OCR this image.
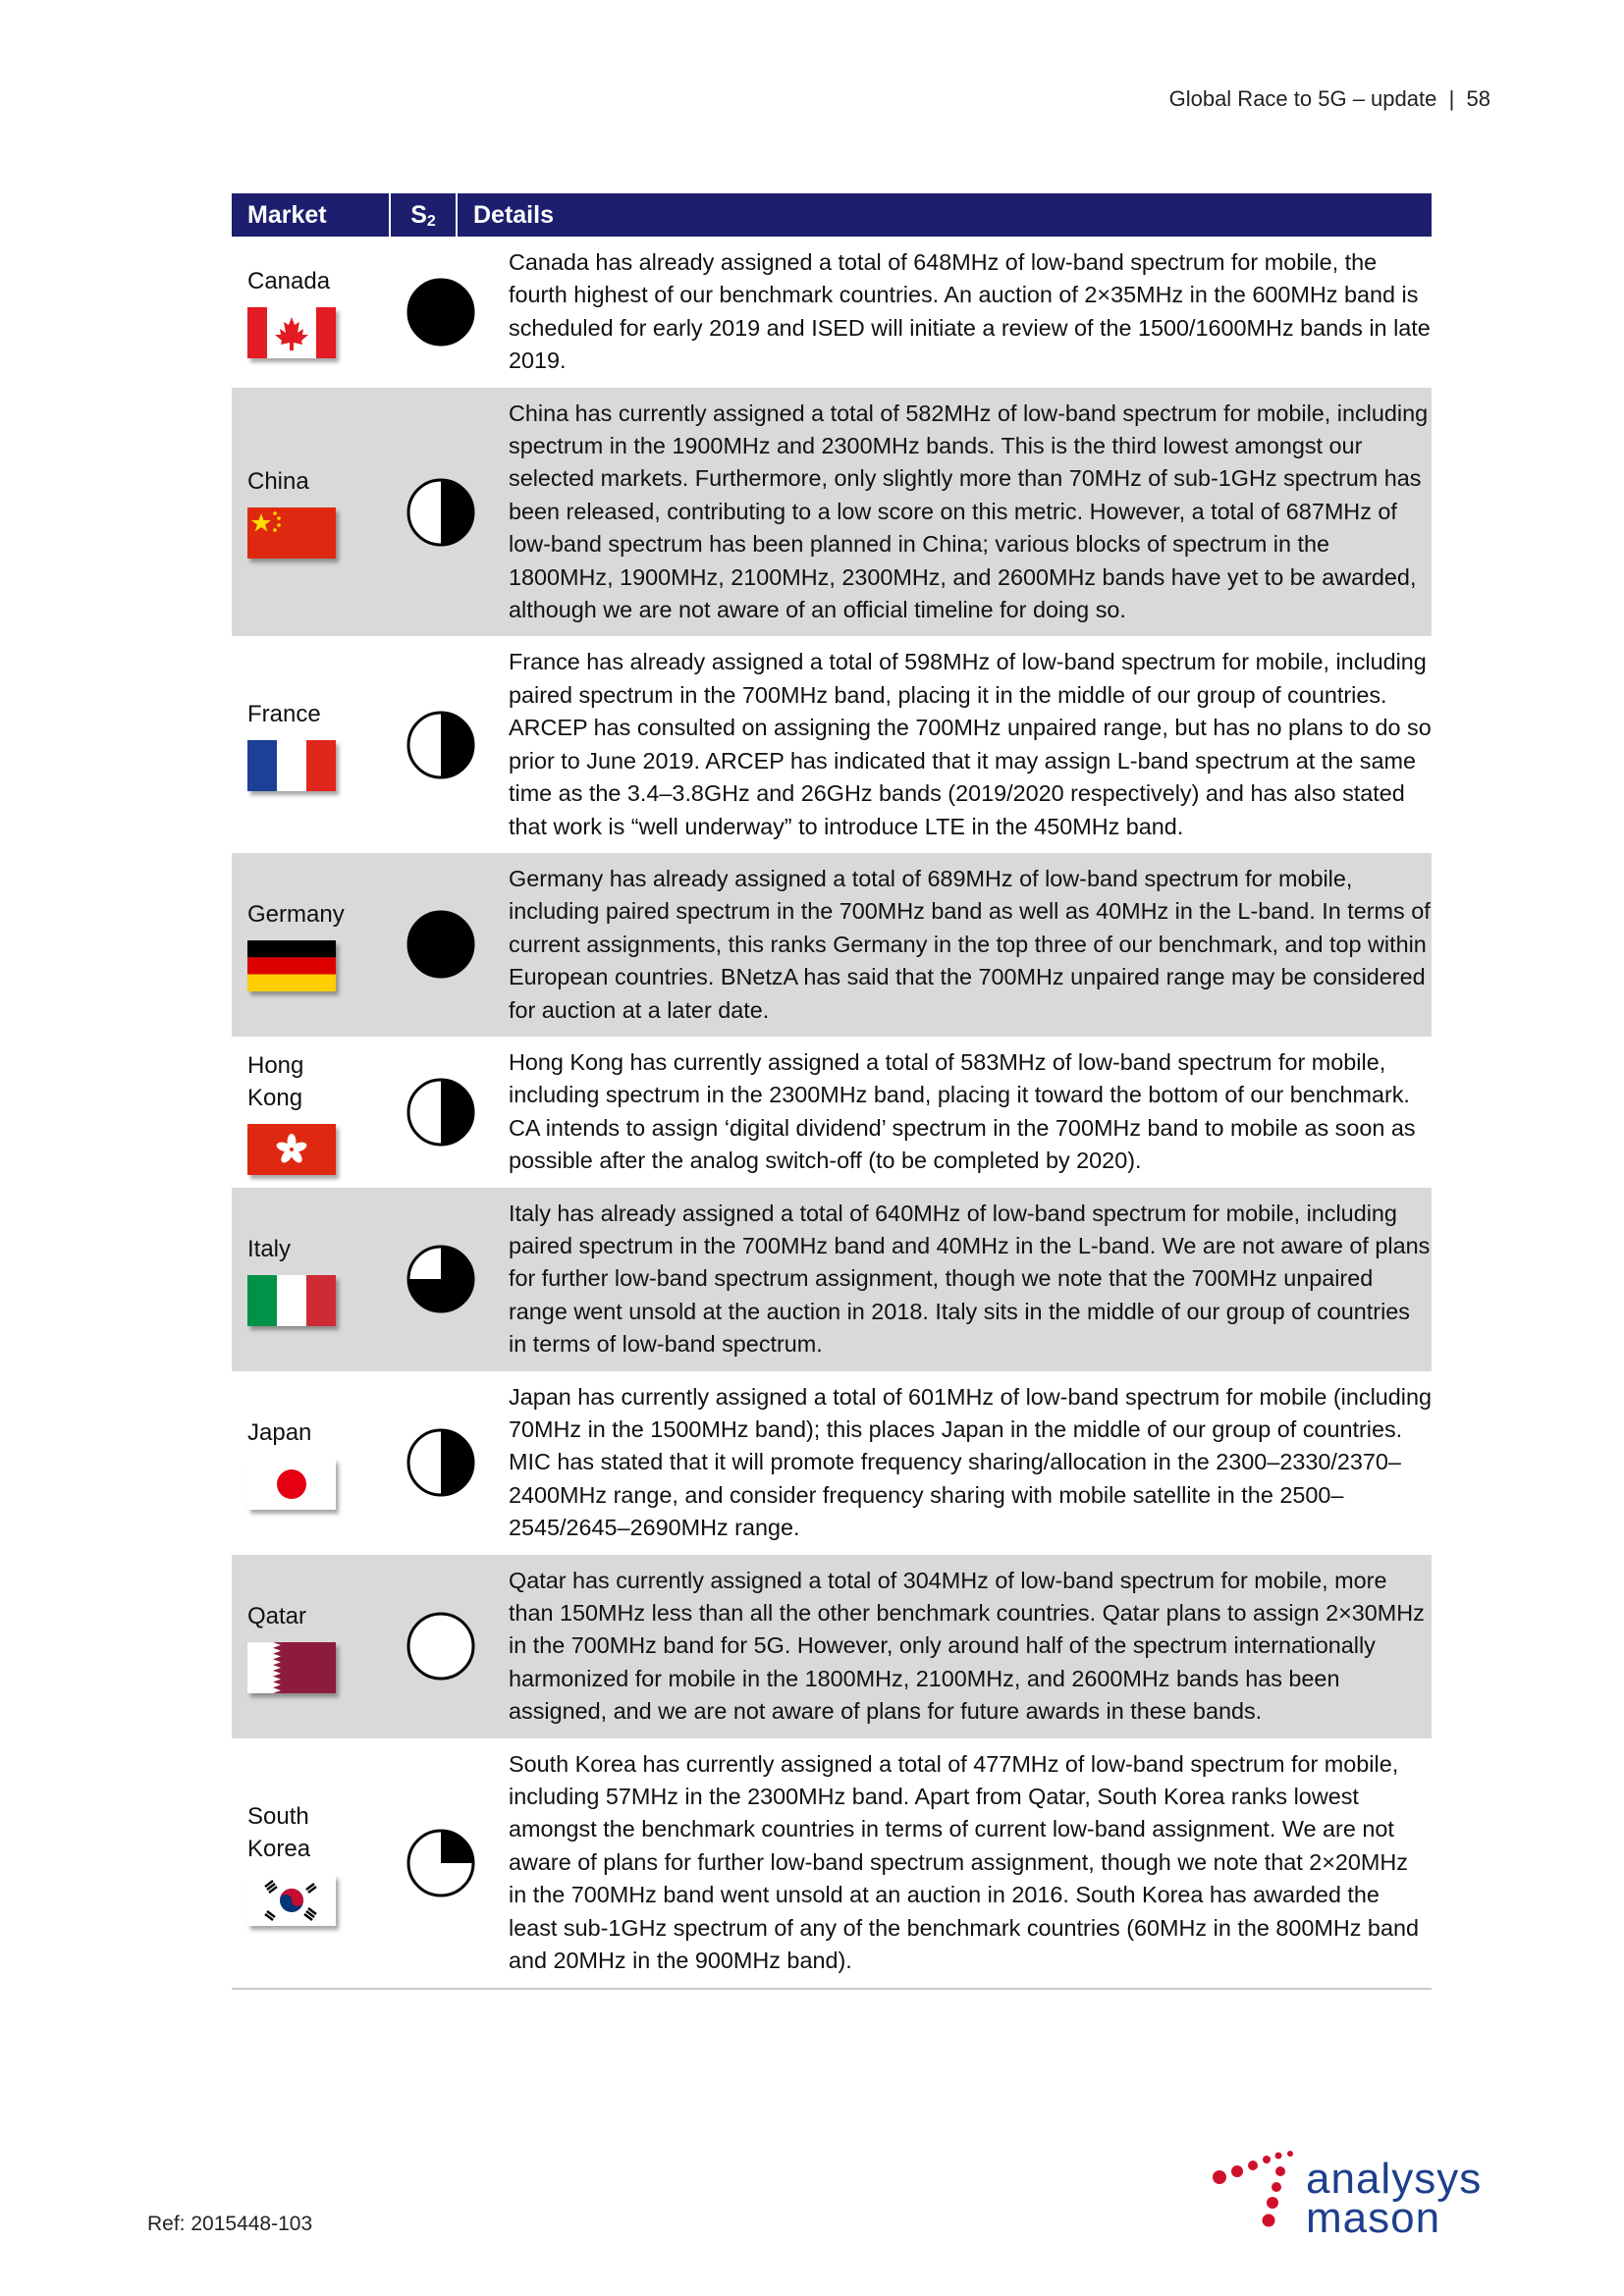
Global Race to 5G – update | 58
Market	$S_2$	Details
Canada
Canada has already assigned a total of 648MHz of low-band spectrum for mobile, the fourth highest of our benchmark countries. An auction of 2×35MHz in the 600MHz band is scheduled for early 2019 and ISED will initiate a review of the 1500/1600MHz bands in late 2019.
China
China has currently assigned a total of 582MHz of low-band spectrum for mobile, including spectrum in the 1900MHz and 2300MHz bands. This is the third lowest amongst our selected markets. Furthermore, only slightly more than 70MHz of sub-1GHz spectrum has been released, contributing to a low score on this metric. However, a total of 687MHz of low-band spectrum has been planned in China; various blocks of spectrum in the 1800MHz, 1900MHz, 2100MHz, 2300MHz, and 2600MHz bands have yet to be awarded, although we are not aware of an official timeline for doing so.
France
France has already assigned a total of 598MHz of low-band spectrum for mobile, including paired spectrum in the 700MHz band, placing it in the middle of our group of countries. ARCEP has consulted on assigning the 700MHz unpaired range, but has no plans to do so prior to June 2019. ARCEP has indicated that it may assign L-band spectrum at the same time as the 3.4–3.8GHz and 26GHz bands (2019/2020 respectively) and has also stated that work is “well underway” to introduce LTE in the 450MHz band.
Germany
Germany has already assigned a total of 689MHz of low-band spectrum for mobile, including paired spectrum in the 700MHz band as well as 40MHz in the L-band. In terms of current assignments, this ranks Germany in the top three of our benchmark, and top within European countries. BNetzA has said that the 700MHz unpaired range may be considered for auction at a later date.
Hong Kong
Hong Kong has currently assigned a total of 583MHz of low-band spectrum for mobile, including spectrum in the 2300MHz band, placing it toward the bottom of our benchmark. CA intends to assign ‘digital dividend’ spectrum in the 700MHz band to mobile as soon as possible after the analog switch-off (to be completed by 2020).
Italy
Italy has already assigned a total of 640MHz of low-band spectrum for mobile, including paired spectrum in the 700MHz band and 40MHz in the L-band. We are not aware of plans for further low-band spectrum assignment, though we note that the 700MHz unpaired range went unsold at the auction in 2018. Italy sits in the middle of our group of countries in terms of low-band spectrum.
Japan
Japan has currently assigned a total of 601MHz of low-band spectrum for mobile (including 70MHz in the 1500MHz band); this places Japan in the middle of our group of countries. MIC has stated that it will promote frequency sharing/allocation in the 2300–2330/2370–2400MHz range, and consider frequency sharing with mobile satellite in the 2500–2545/2645–2690MHz range.
Qatar
Qatar has currently assigned a total of 304MHz of low-band spectrum for mobile, more than 150MHz less than all the other benchmark countries. Qatar plans to assign 2×30MHz in the 700MHz band for 5G. However, only around half of the spectrum internationally harmonized for mobile in the 1800MHz, 2100MHz, and 2600MHz bands has been assigned, and we are not aware of plans for future awards in these bands.
South Korea
South Korea has currently assigned a total of 477MHz of low-band spectrum for mobile, including 57MHz in the 2300MHz band. Apart from Qatar, South Korea ranks lowest amongst the benchmark countries in terms of current low-band assignment. We are not aware of plans for further low-band spectrum assignment, though we note that 2×20MHz in the 700MHz band went unsold at an auction in 2016. South Korea has awarded the least sub-1GHz spectrum of any of the benchmark countries (60MHz in the 800MHz band and 20MHz in the 900MHz band).
Ref: 2015448-103
analysys
mason
